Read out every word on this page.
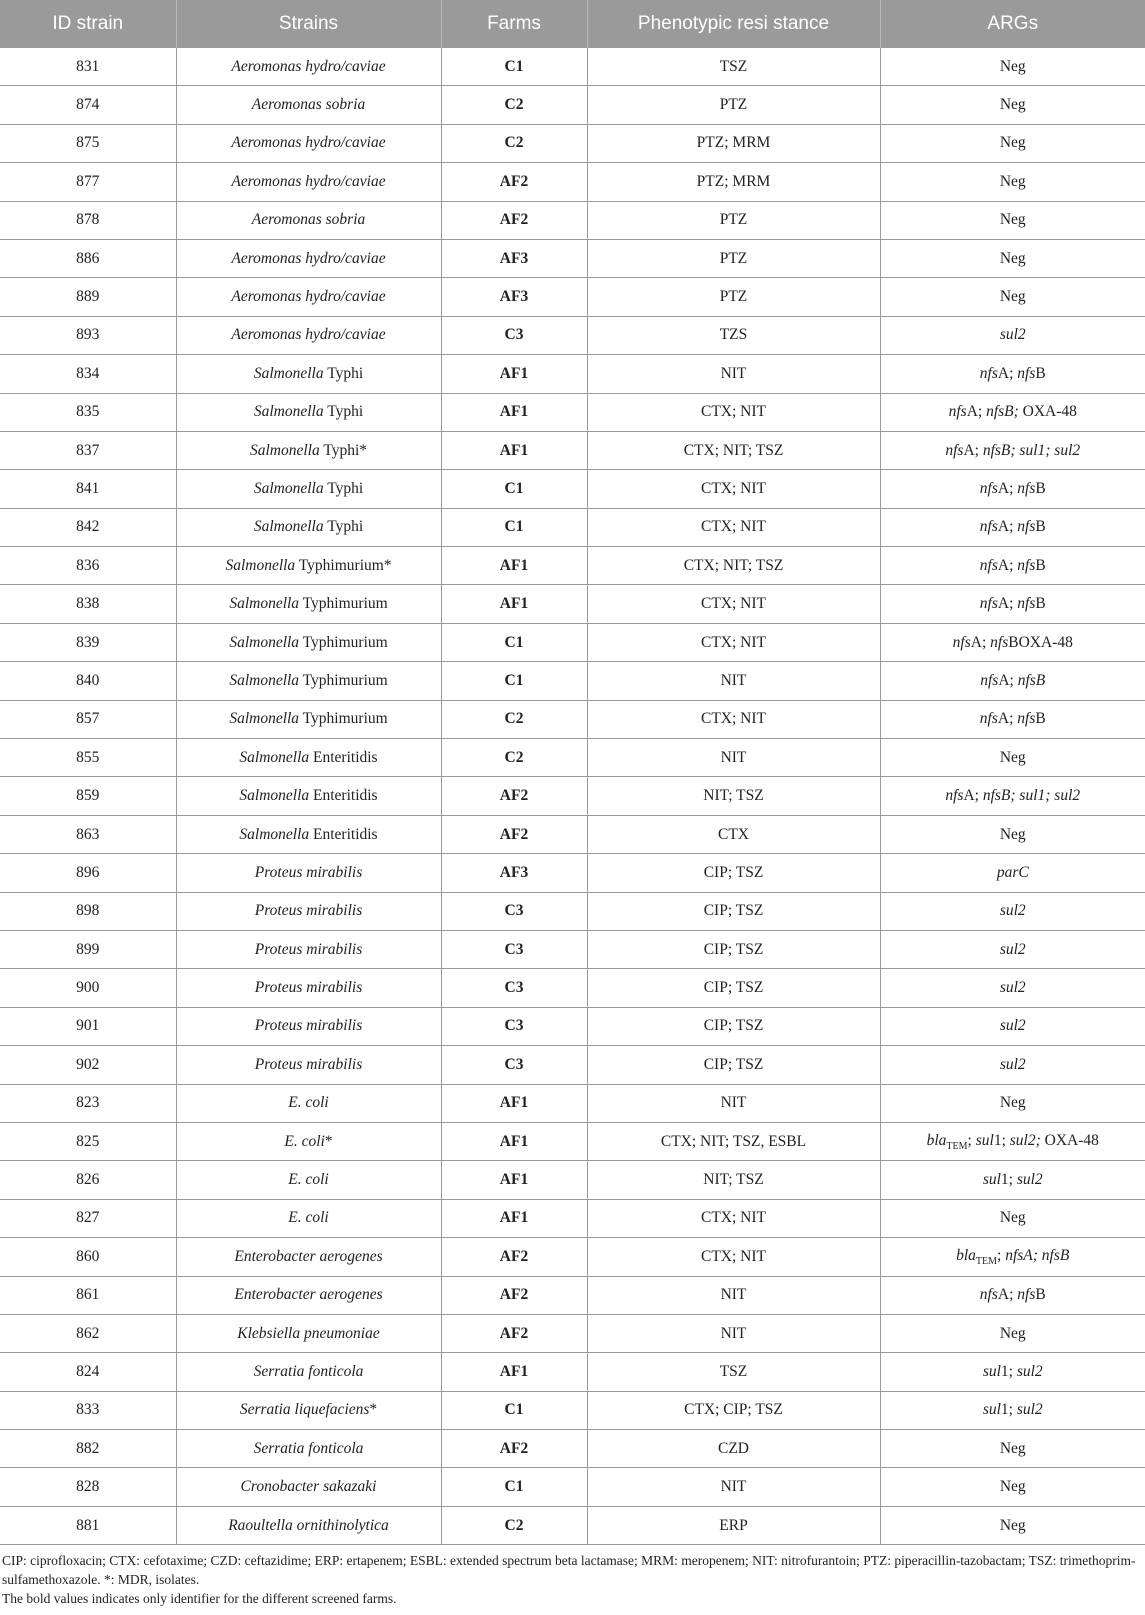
ID strain	Strains	Farms	Phenotypic resi stance	ARGs
831	Aeromonas hydro/caviae	C1	TSZ	Neg
874	Aeromonas sobria	C2	PTZ	Neg
875	Aeromonas hydro/caviae	C2	PTZ; MRM	Neg
877	Aeromonas hydro/caviae	AF2	PTZ; MRM	Neg
878	Aeromonas sobria	AF2	PTZ	Neg
886	Aeromonas hydro/caviae	AF3	PTZ	Neg
889	Aeromonas hydro/caviae	AF3	PTZ	Neg
893	Aeromonas hydro/caviae	C3	TZS	sul2
834	Salmonella Typhi	AF1	NIT	nfsA; nfsB
835	Salmonella Typhi	AF1	CTX; NIT	nfsA; nfsB; OXA-48
837	Salmonella Typhi*	AF1	CTX; NIT; TSZ	nfsA; nfsB; sul1; sul2
841	Salmonella Typhi	C1	CTX; NIT	nfsA; nfsB
842	Salmonella Typhi	C1	CTX; NIT	nfsA; nfsB
836	Salmonella Typhimurium*	AF1	CTX; NIT; TSZ	nfsA; nfsB
838	Salmonella Typhimurium	AF1	CTX; NIT	nfsA; nfsB
839	Salmonella Typhimurium	C1	CTX; NIT	nfsA; nfsBOXA-48
840	Salmonella Typhimurium	C1	NIT	nfsA; nfsB
857	Salmonella Typhimurium	C2	CTX; NIT	nfsA; nfsB
855	Salmonella Enteritidis	C2	NIT	Neg
859	Salmonella Enteritidis	AF2	NIT; TSZ	nfsA; nfsB; sul1; sul2
863	Salmonella Enteritidis	AF2	CTX	Neg
896	Proteus mirabilis	AF3	CIP; TSZ	parC
898	Proteus mirabilis	C3	CIP; TSZ	sul2
899	Proteus mirabilis	C3	CIP; TSZ	sul2
900	Proteus mirabilis	C3	CIP; TSZ	sul2
901	Proteus mirabilis	C3	CIP; TSZ	sul2
902	Proteus mirabilis	C3	CIP; TSZ	sul2
823	E. coli	AF1	NIT	Neg
825	E. coli*	AF1	CTX; NIT; TSZ, ESBL	bla$_{TEM}$; sul1; sul2; OXA-48
826	E. coli	AF1	NIT; TSZ	sul1; sul2
827	E. coli	AF1	CTX; NIT	Neg
860	Enterobacter aerogenes	AF2	CTX; NIT	bla$_{TEM}$; nfsA; nfsB
861	Enterobacter aerogenes	AF2	NIT	nfsA; nfsB
862	Klebsiella pneumoniae	AF2	NIT	Neg
824	Serratia fonticola	AF1	TSZ	sul1; sul2
833	Serratia liquefaciens*	C1	CTX; CIP; TSZ	sul1; sul2
882	Serratia fonticola	AF2	CZD	Neg
828	Cronobacter sakazaki	C1	NIT	Neg
881	Raoultella ornithinolytica	C2	ERP	Neg
CIP: ciprofloxacin; CTX: cefotaxime; CZD: ceftazidime; ERP: ertapenem; ESBL: extended spectrum beta lactamase; MRM: meropenem; NIT: nitrofurantoin; PTZ: piperacillin-tazobactam; TSZ: trimethoprim-sulfamethoxazole. *: MDR, isolates.
The bold values indicates only identifier for the different screened farms.
